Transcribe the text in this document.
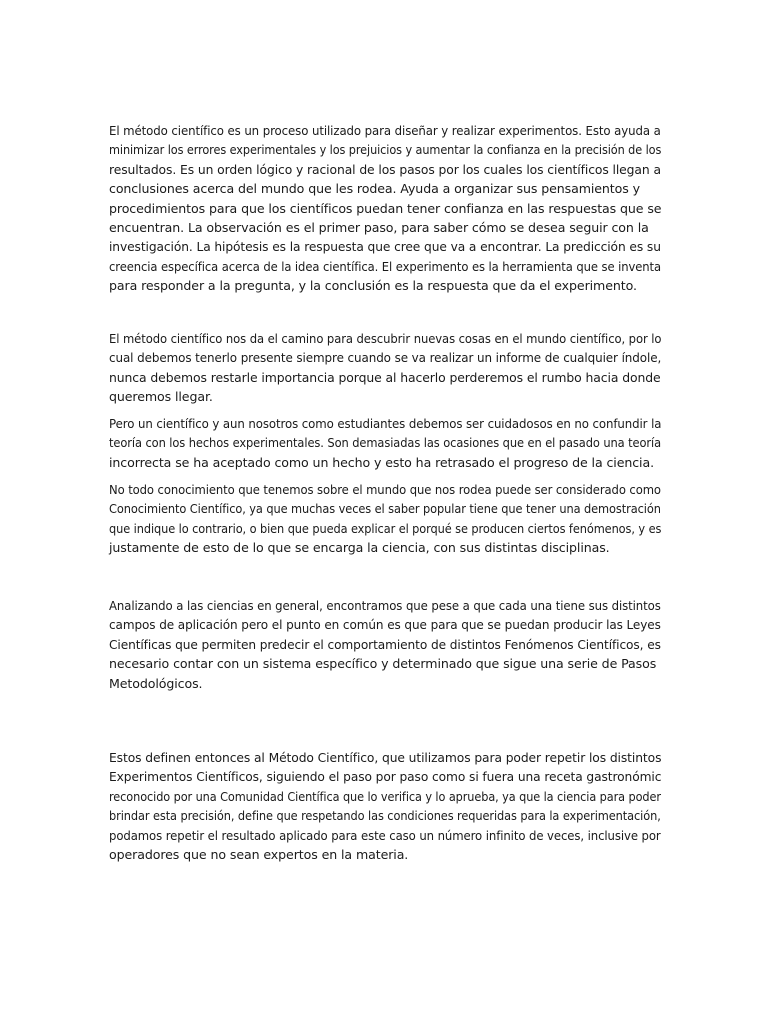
El método científico es un proceso utilizado para diseñar y realizar experimentos. Esto ayuda a
minimizar los errores experimentales y los prejuicios y aumentar la confianza en la precisión de los
resultados. Es un orden lógico y racional de los pasos por los cuales los científicos llegan a
conclusiones acerca del mundo que les rodea. Ayuda a organizar sus pensamientos y
procedimientos para que los científicos puedan tener confianza en las respuestas que se
encuentran. La observación es el primer paso, para saber cómo se desea seguir con la
investigación. La hipótesis es la respuesta que cree que va a encontrar. La predicción es su
creencia específica acerca de la idea científica. El experimento es la herramienta que se inventa
para responder a la pregunta, y la conclusión es la respuesta que da el experimento.

El método científico nos da el camino para descubrir nuevas cosas en el mundo científico, por lo
cual debemos tenerlo presente siempre cuando se va realizar un informe de cualquier índole,
nunca debemos restarle importancia porque al hacerlo perderemos el rumbo hacia donde
queremos llegar.

Pero un científico y aun nosotros como estudiantes debemos ser cuidadosos en no confundir la
teoría con los hechos experimentales. Son demasiadas las ocasiones que en el pasado una teoría
incorrecta se ha aceptado como un hecho y esto ha retrasado el progreso de la ciencia.

No todo conocimiento que tenemos sobre el mundo que nos rodea puede ser considerado como
Conocimiento Científico, ya que muchas veces el saber popular tiene que tener una demostración
que indique lo contrario, o bien que pueda explicar el porqué se producen ciertos fenómenos, y es
justamente de esto de lo que se encarga la ciencia, con sus distintas disciplinas.

Analizando a las ciencias en general, encontramos que pese a que cada una tiene sus distintos
campos de aplicación pero el punto en común es que para que se puedan producir las Leyes
Científicas que permiten predecir el comportamiento de distintos Fenómenos Científicos, es
necesario contar con un sistema específico y determinado que sigue una serie de Pasos
Metodológicos.

Estos definen entonces al Método Científico, que utilizamos para poder repetir los distintos
Experimentos Científicos, siguiendo el paso por paso como si fuera una receta gastronómic
reconocido por una Comunidad Científica que lo verifica y lo aprueba, ya que la ciencia para poder
brindar esta precisión, define que respetando las condiciones requeridas para la experimentación,
podamos repetir el resultado aplicado para este caso un número infinito de veces, inclusive por
operadores que no sean expertos en la materia.
